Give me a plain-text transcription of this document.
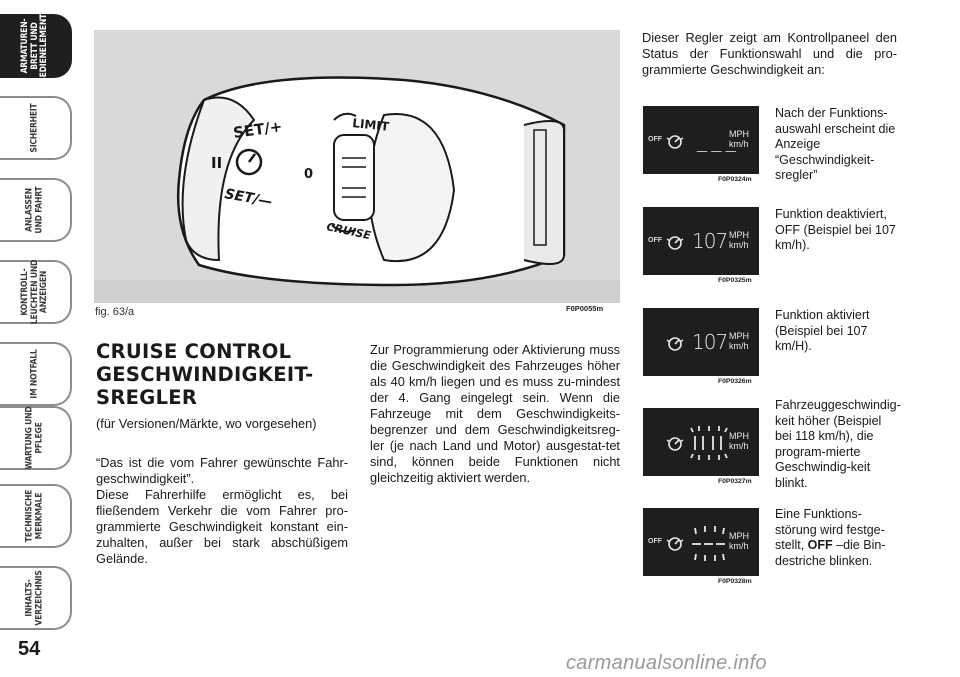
ARMATUREN-
BRETT UND
BEDIENELEMENTE
SICHERHEIT
ANLASSEN
UND FAHRT
KONTROLL-
LEUCHTEN UND
ANZEIGEN
IM NOTFALL
WARTUNG UND
PFLEGE
TECHNISCHE
MERKMALE
INHALTS-
VERZEICHNIS
54
SET/+
II
0
SET/—
LIMIT
CRUISE
fig. 63/a	F0P0055m
CRUISE CONTROL
GESCHWINDIGKEIT-
SREGLER
(für Versionen/Märkte, wo vorgesehen)

“Das ist die vom Fahrer gewünschte Fahr-geschwindigkeit”.

Diese Fahrerhilfe ermöglicht es, bei fließendem Verkehr die vom Fahrer pro-grammierte Geschwindigkeit konstant ein-zuhalten, außer bei stark abschüßigem Gelände.

Zur Programmierung oder Aktivierung muss die Geschwindigkeit des Fahrzeuges höher als 40 km/h liegen und es muss zu-mindest der 4. Gang eingelegt sein. Wenn die Fahrzeuge mit dem Geschwindigkeits-begrenzer und dem Geschwindigkeitsreg-ler (je nach Land und Motor) ausgestat-tet sind, können beide Funktionen nicht gleichzeitig aktiviert werden.
Dieser Regler zeigt am Kontrollpaneel den Status der Funktionswahl und die pro-grammierte Geschwindigkeit an:
OFF _ _ _
MPH
km/h
F0P0324m
Nach der Funktions-auswahl erscheint die Anzeige “Geschwindigkeit-sregler”
OFF 107 MPH
km/h
F0P0325m
Funktion deaktiviert, OFF (Beispiel bei 107 km/h).
107 MPH
km/h
F0P0326m
Funktion aktiviert (Beispiel bei 107 km/H).
MPH
km/h
F0P0327m
Fahrzeuggeschwindig-keit höher (Beispiel bei 118 km/h), die program-mierte Geschwindig-keit blinkt.
OFF
MPH
km/h
F0P0328m
Eine Funktions-störung wird festge-stellt, OFF –die Bin-destriche blinken.
carmanualsonline.info
